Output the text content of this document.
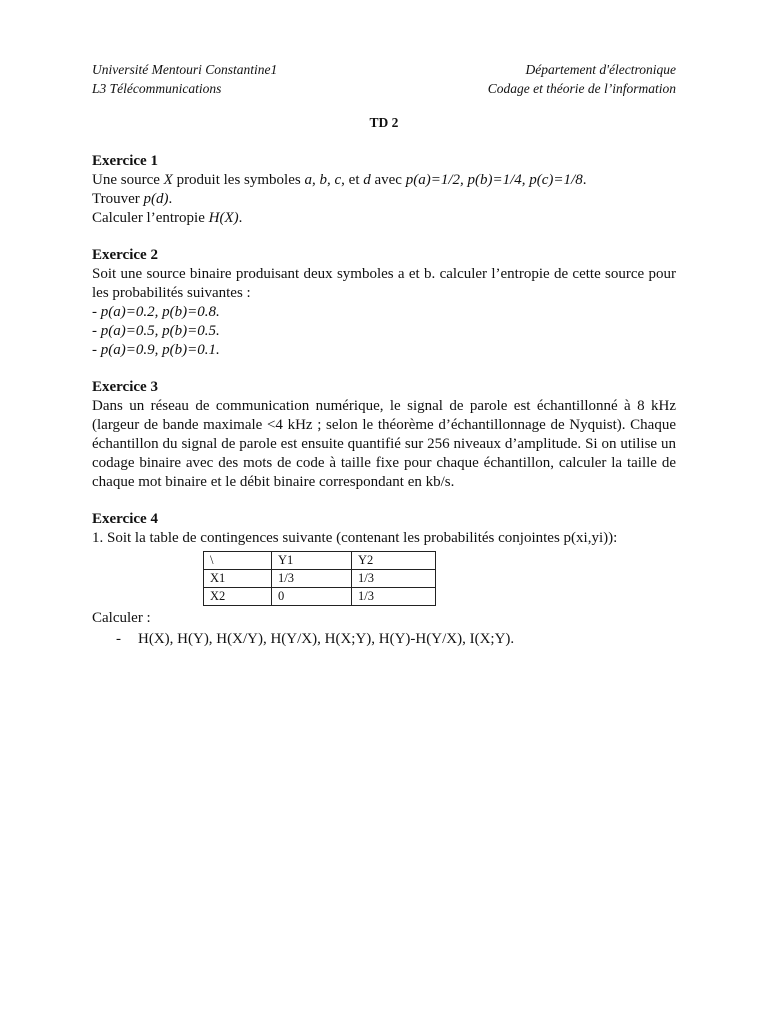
Université Mentouri Constantine1	Département d'électronique
L3 Télécommunications	Codage et théorie de l’information
TD 2
Exercice 1

Une source X produit les symboles a, b, c, et d avec p(a)=1/2, p(b)=1/4, p(c)=1/8.

Trouver p(d).

Calculer l’entropie H(X).

Exercice 2

Soit une source binaire produisant deux symboles a et b. calculer l’entropie de cette source pour les probabilités suivantes :

- p(a)=0.2, p(b)=0.8.

- p(a)=0.5, p(b)=0.5.

- p(a)=0.9, p(b)=0.1.

Exercice 3

Dans un réseau de communication numérique, le signal de parole est échantillonné à 8 kHz (largeur de bande maximale <4 kHz ; selon le théorème d’échantillonnage de Nyquist). Chaque échantillon du signal de parole est ensuite quantifié sur 256 niveaux d’amplitude. Si on utilise un codage binaire avec des mots de code à taille fixe pour chaque échantillon, calculer la taille de chaque mot binaire et le débit binaire correspondant en kb/s.

Exercice 4

1. Soit la table de contingences suivante (contenant les probabilités conjointes p(xi,yi)):

\	Y1	Y2
X1	1/3	1/3
X2	0	1/3

Calculer :

-	H(X), H(Y), H(X/Y), H(Y/X), H(X;Y), H(Y)-H(Y/X), I(X;Y).
